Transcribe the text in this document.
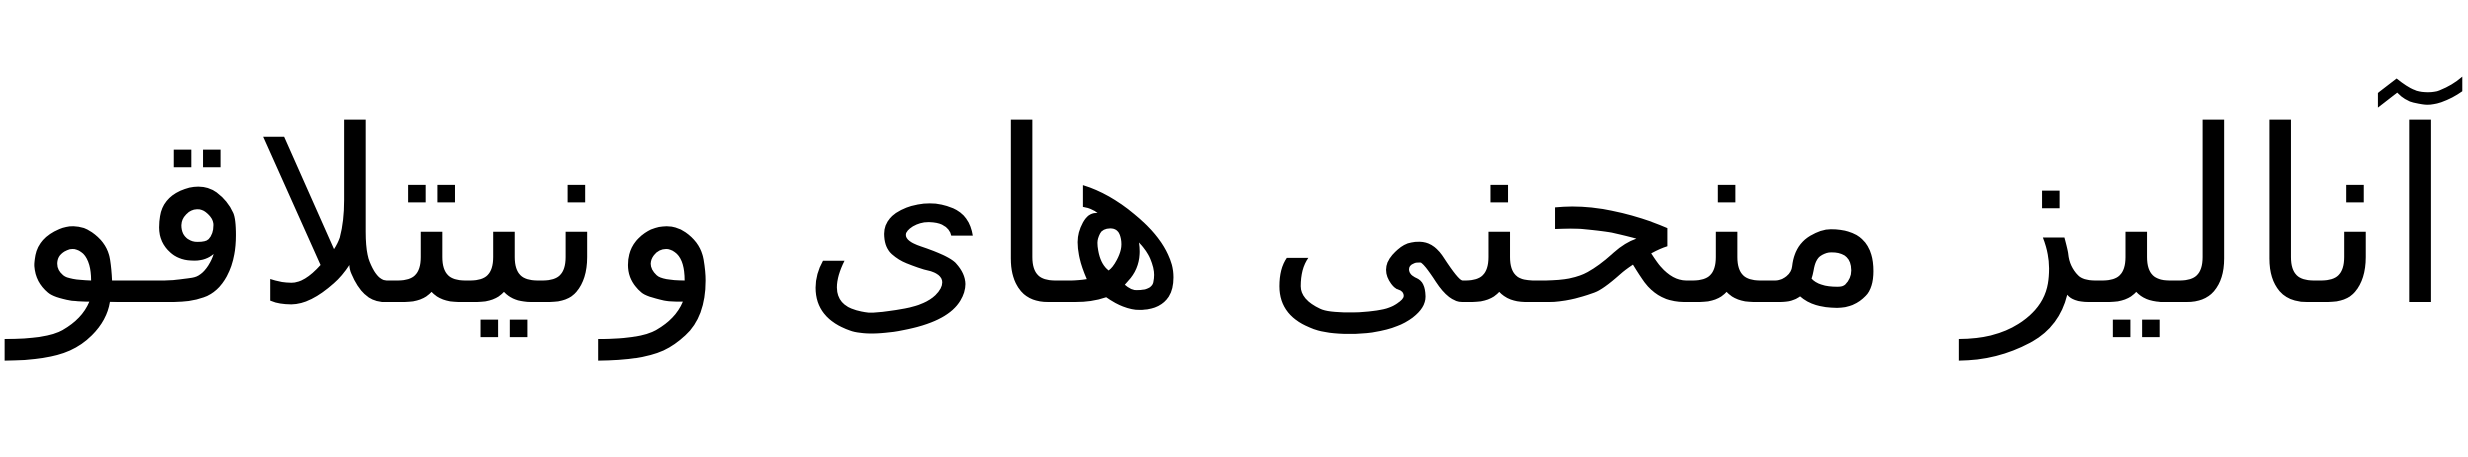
آنالیز منحنی های ونیتلاقو
